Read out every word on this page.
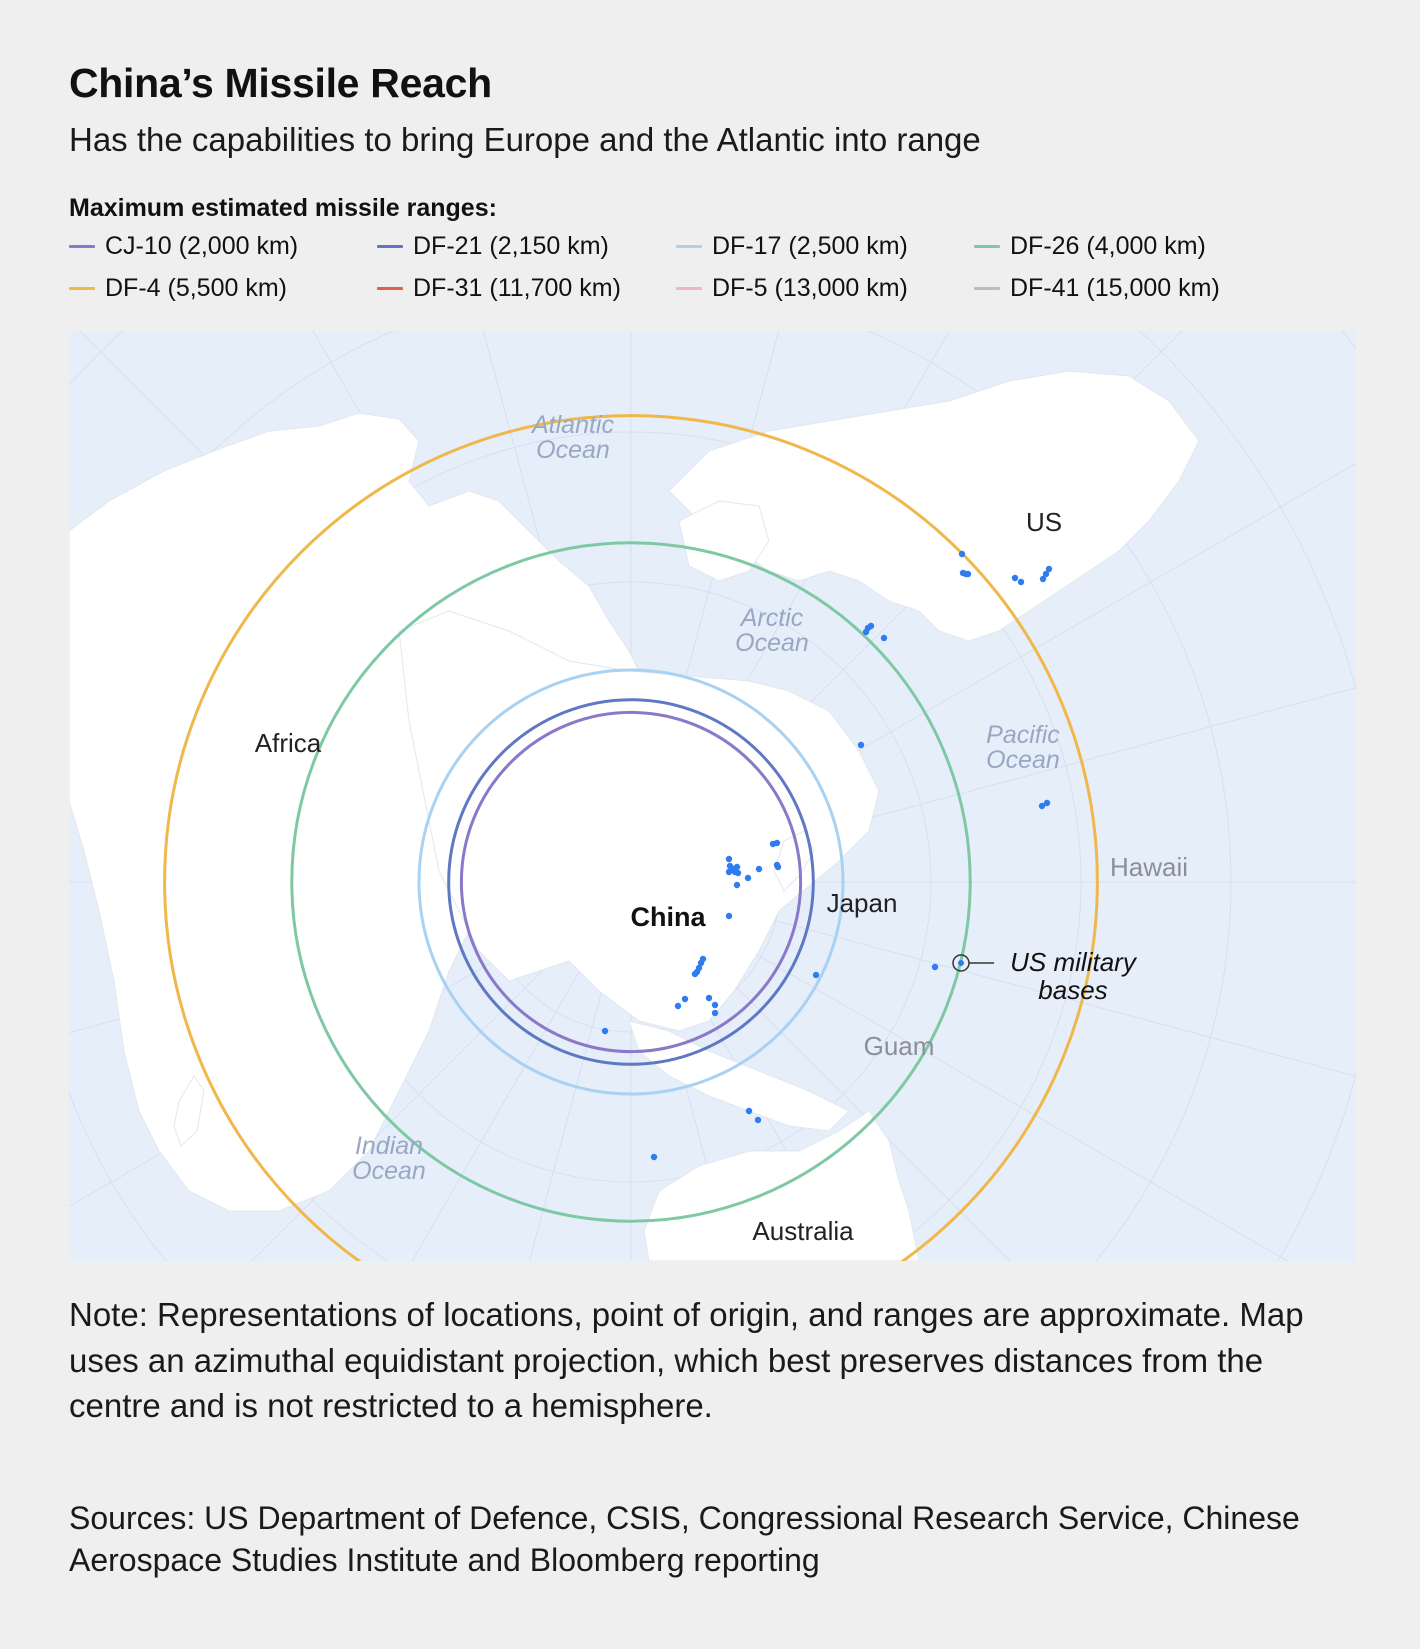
China’s Missile Reach
Has the capabilities to bring Europe and the Atlantic into range
Maximum estimated missile ranges:
CJ-10 (2,000 km)	DF-21 (2,150 km)	DF-17 (2,500 km)	DF-26 (4,000 km)
DF-4 (5,500 km)	DF-31 (11,700 km)	DF-5 (13,000 km)	DF-41 (15,000 km)
Atlantic Ocean
Arctic Ocean
Pacific Ocean
Indian Ocean
Africa
US
China	Japan
Hawaii
Guam
Australia
US military bases
Note: Representations of locations, point of origin, and ranges are approximate. Map uses an azimuthal equidistant projection, which best preserves distances from the centre and is not restricted to a hemisphere.
Sources: US Department of Defence, CSIS, Congressional Research Service, Chinese Aerospace Studies Institute and Bloomberg reporting
